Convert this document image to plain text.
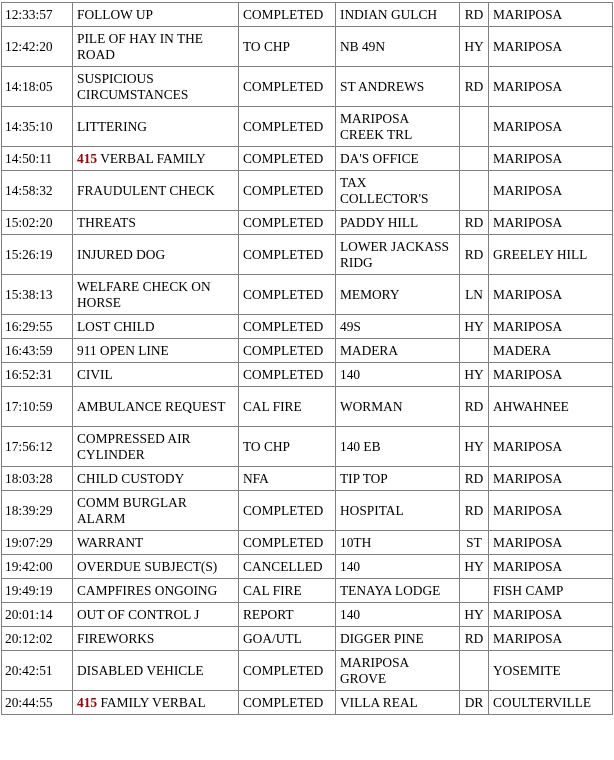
12:33:57	FOLLOW UP	COMPLETED	INDIAN GULCH	RD	MARIPOSA
12:42:20	PILE OF HAY IN THE ROAD	TO CHP	NB 49N	HY	MARIPOSA
14:18:05	SUSPICIOUS CIRCUMSTANCES	COMPLETED	ST ANDREWS	RD	MARIPOSA
14:35:10	LITTERING	COMPLETED	MARIPOSA CREEK TRL		MARIPOSA
14:50:11	415 VERBAL FAMILY	COMPLETED	DA'S OFFICE		MARIPOSA
14:58:32	FRAUDULENT CHECK	COMPLETED	TAX COLLECTOR'S		MARIPOSA
15:02:20	THREATS	COMPLETED	PADDY HILL	RD	MARIPOSA
15:26:19	INJURED DOG	COMPLETED	LOWER JACKASS RIDG	RD	GREELEY HILL
15:38:13	WELFARE CHECK ON HORSE	COMPLETED	MEMORY	LN	MARIPOSA
16:29:55	LOST CHILD	COMPLETED	49S	HY	MARIPOSA
16:43:59	911 OPEN LINE	COMPLETED	MADERA		MADERA
16:52:31	CIVIL	COMPLETED	140	HY	MARIPOSA
17:10:59	AMBULANCE REQUEST	CAL FIRE	WORMAN	RD	AHWAHNEE
17:56:12	COMPRESSED AIR CYLINDER	TO CHP	140 EB	HY	MARIPOSA
18:03:28	CHILD CUSTODY	NFA	TIP TOP	RD	MARIPOSA
18:39:29	COMM BURGLAR ALARM	COMPLETED	HOSPITAL	RD	MARIPOSA
19:07:29	WARRANT	COMPLETED	10TH	ST	MARIPOSA
19:42:00	OVERDUE SUBJECT(S)	CANCELLED	140	HY	MARIPOSA
19:49:19	CAMPFIRES ONGOING	CAL FIRE	TENAYA LODGE		FISH CAMP
20:01:14	OUT OF CONTROL J	REPORT	140	HY	MARIPOSA
20:12:02	FIREWORKS	GOA/UTL	DIGGER PINE	RD	MARIPOSA
20:42:51	DISABLED VEHICLE	COMPLETED	MARIPOSA GROVE		YOSEMITE
20:44:55	415 FAMILY VERBAL	COMPLETED	VILLA REAL	DR	COULTERVILLE
